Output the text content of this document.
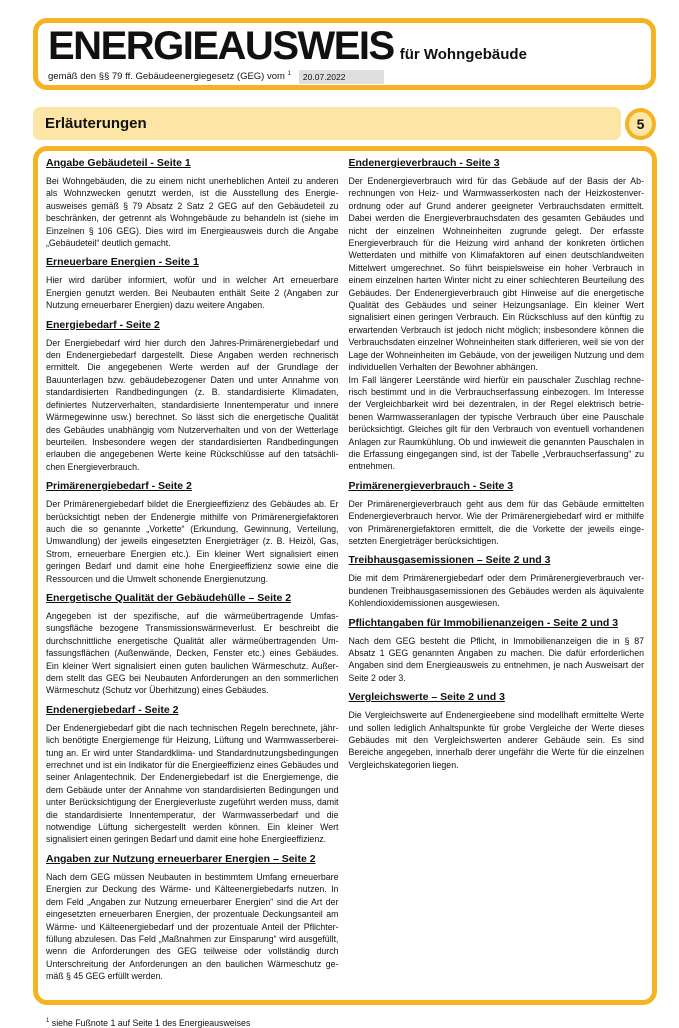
ENERGIEAUSWEIS für Wohngebäude
gemäß den §§ 79 ff. Gebäudeenergiegesetz (GEG) vom $^1$	20.07.2022
Erläuterungen	5
Angabe Gebäudeteil - Seite 1

Bei Wohngebäuden, die zu einem nicht unerheblichen Anteil zu anderen als Wohnzwecken genutzt werden, ist die Ausstellung des Energieausweises gemäß § 79 Absatz 2 Satz 2 GEG auf den Gebäudeteil zu beschränken, der getrennt als Wohngebäude zu behandeln ist (siehe im Einzelnen § 106 GEG). Dies wird im Energieausweis durch die Angabe „Gebäudeteil“ deutlich gemacht.

Erneuerbare Energien - Seite 1

Hier wird darüber informiert, wofür und in welcher Art erneuerbare Energien genutzt werden. Bei Neubauten enthält Seite 2 (Angaben zur Nutzung erneuerbarer Energien) dazu weitere Angaben.

Energiebedarf - Seite 2

Der Energiebedarf wird hier durch den Jahres-Primärenergiebedarf und den Endenergiebedarf dargestellt. Diese Angaben werden rechnerisch ermittelt. Die angegebenen Werte werden auf der Grundlage der Bauunterlagen bzw. gebäudebezogener Daten und unter Annahme von standardisierten Randbedingungen (z. B. standardisierte Klimadaten, definiertes Nutzerverhalten, standardisierte Innentemperatur und innere Wärmegewinne usw.) berechnet. So lässt sich die energetische Qualität des Gebäudes unabhängig vom Nutzerverhalten und von der Wetterlage beurteilen. Insbesondere wegen der standardisierten Randbedingungen erlauben die angegebenen Werte keine Rückschlüsse auf den tatsächlichen Energieverbrauch.

Primärenergiebedarf - Seite 2

Der Primärenergiebedarf bildet die Energieeffizienz des Gebäudes ab. Er berücksichtigt neben der Endenergie mithilfe von Primärenergiefaktoren auch die so genannte „Vorkette“ (Erkundung, Gewinnung, Verteilung, Umwandlung) der jeweils eingesetzten Energieträger (z. B. Heizöl, Gas, Strom, erneuerbare Energien etc.). Ein kleiner Wert signalisiert einen geringen Bedarf und damit eine hohe Energieeffizienz sowie eine die Ressourcen und die Umwelt schonende Energienutzung.

Energetische Qualität der Gebäudehülle – Seite 2

Angegeben ist der spezifische, auf die wärmeübertragende Umfassungsfläche bezogene Transmissionswärmeverlust. Er beschreibt die durchschnittliche energetische Qualität aller wärmeübertragenden Umfassungsflächen (Außenwände, Decken, Fenster etc.) eines Gebäudes. Ein kleiner Wert signalisiert einen guten baulichen Wärmeschutz. Außerdem stellt das GEG bei Neubauten Anforderungen an den sommerlichen Wärmeschutz (Schutz vor Überhitzung) eines Gebäudes.

Endenergiebedarf - Seite 2

Der Endenergiebedarf gibt die nach technischen Regeln berechnete, jährlich benötigte Energiemenge für Heizung, Lüftung und Warmwasserbereitung an. Er wird unter Standardklima- und Standardnutzungsbedingungen errechnet und ist ein Indikator für die Energieeffizienz eines Gebäudes und seiner Anlagentechnik. Der Endenergiebedarf ist die Energiemenge, die dem Gebäude unter der Annahme von standardisierten Bedingungen und unter Berücksichtigung der Energieverluste zugeführt werden muss, damit die standardisierte Innentemperatur, der Warmwasserbedarf und die notwendige Lüftung sichergestellt werden können. Ein kleiner Wert signalisiert einen geringen Bedarf und damit eine hohe Energieeffizienz.

Angaben zur Nutzung erneuerbarer Energien – Seite 2

Nach dem GEG müssen Neubauten in bestimmtem Umfang erneuerbare Energien zur Deckung des Wärme- und Kälteenergiebedarfs nutzen. In dem Feld „Angaben zur Nutzung erneuerbarer Energien“ sind die Art der eingesetzten erneuerbaren Energien, der prozentuale Deckungsanteil am Wärme- und Kälteenergiebedarf und der prozentuale Anteil der Pflichterfüllung abzulesen. Das Feld „Maßnahmen zur Einsparung“ wird ausgefüllt, wenn die Anforderungen des GEG teilweise oder vollständig durch Unterschreitung der Anforderungen an den baulichen Wärmeschutz gemäß § 45 GEG erfüllt werden.

Endenergieverbrauch - Seite 3

Der Endenergieverbrauch wird für das Gebäude auf der Basis der Abrechnungen von Heiz- und Warmwasserkosten nach der Heizkostenverordnung oder auf Grund anderer geeigneter Verbrauchsdaten ermittelt. Dabei werden die Energieverbrauchsdaten des gesamten Gebäudes und nicht der einzelnen Wohneinheiten zugrunde gelegt. Der erfasste Energieverbrauch für die Heizung wird anhand der konkreten örtlichen Wetterdaten und mithilfe von Klimafaktoren auf einen deutschlandweiten Mittelwert umgerechnet. So führt beispielsweise ein hoher Verbrauch in einem einzelnen harten Winter nicht zu einer schlechteren Beurteilung des Gebäudes. Der Endenergieverbrauch gibt Hinweise auf die energetische Qualität des Gebäudes und seiner Heizungsanlage. Ein kleiner Wert signalisiert einen geringen Verbrauch. Ein Rückschluss auf den künftig zu erwartenden Verbrauch ist jedoch nicht möglich; insbesondere können die Verbrauchsdaten einzelner Wohneinheiten stark differieren, weil sie von der Lage der Wohneinheiten im Gebäude, von der jeweiligen Nutzung und dem individuellen Verhalten der Bewohner abhängen.

Im Fall längerer Leerstände wird hierfür ein pauschaler Zuschlag rechnerisch bestimmt und in die Verbrauchserfassung einbezogen. Im Interesse der Vergleichbarkeit wird bei dezentralen, in der Regel elektrisch betriebenen Warmwasseranlagen der typische Verbrauch über eine Pauschale berücksichtigt. Gleiches gilt für den Verbrauch von eventuell vorhandenen Anlagen zur Raumkühlung. Ob und inwieweit die genannten Pauschalen in die Erfassung eingegangen sind, ist der Tabelle „Verbrauchserfassung“ zu entnehmen.

Primärenergieverbrauch - Seite 3

Der Primärenergieverbrauch geht aus dem für das Gebäude ermittelten Endenergieverbrauch hervor. Wie der Primärenergiebedarf wird er mithilfe von Primärenergiefaktoren ermittelt, die die Vorkette der jeweils eingesetzten Energieträger berücksichtigen.

Treibhausgasemissionen – Seite 2 und 3

Die mit dem Primärenergiebedarf oder dem Primärenergieverbrauch verbundenen Treibhausgasemissionen des Gebäudes werden als äquivalente Kohlendioxidemissionen ausgewiesen.

Pflichtangaben für Immobilienanzeigen - Seite 2 und 3

Nach dem GEG besteht die Pflicht, in Immobilienanzeigen die in § 87 Absatz 1 GEG genannten Angaben zu machen. Die dafür erforderlichen Angaben sind dem Energieausweis zu entnehmen, je nach Ausweisart der Seite 2 oder 3.

Vergleichswerte – Seite 2 und 3

Die Vergleichswerte auf Endenergieebene sind modellhaft ermittelte Werte und sollen lediglich Anhaltspunkte für grobe Vergleiche der Werte dieses Gebäudes mit den Vergleichswerten anderer Gebäude sein. Es sind Bereiche angegeben, innerhalb derer ungefähr die Werte für die einzelnen Vergleichskategorien liegen.

$^1$ siehe Fußnote 1 auf Seite 1 des Energieausweises
